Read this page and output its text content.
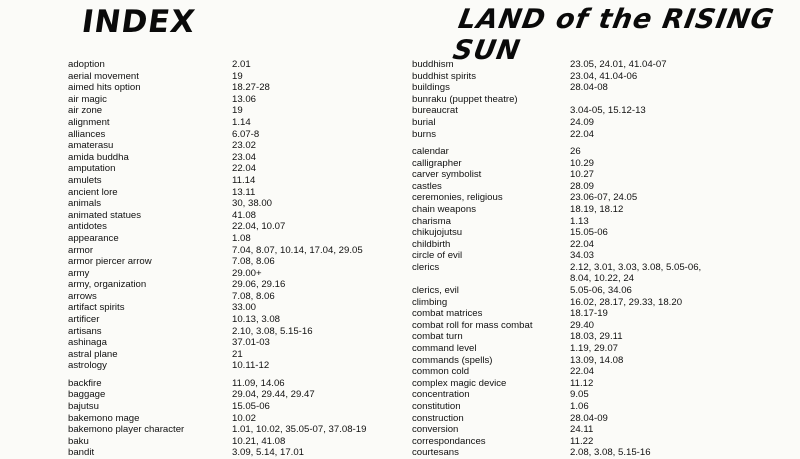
INDEX	LAND of the RISING SUN
adoption	2.01
aerial movement	19
aimed hits option	18.27-28
air magic	13.06
air zone	19
alignment	1.14
alliances	6.07-8
amaterasu	23.02
amida buddha	23.04
amputation	22.04
amulets	11.14
ancient lore	13.11
animals	30, 38.00
animated statues	41.08
antidotes	22.04, 10.07
appearance	1.08
armor	7.04, 8.07, 10.14, 17.04, 29.05
armor piercer arrow	7.08, 8.06
army	29.00+
army, organization	29.06, 29.16
arrows	7.08, 8.06
artifact spirits	33.00
artificer	10.13, 3.08
artisans	2.10, 3.08, 5.15-16
ashinaga	37.01-03
astral plane	21
astrology	10.11-12
backfire	11.09, 14.06
baggage	29.04, 29.44, 29.47
bajutsu	15.05-06
bakemono mage	10.02
bakemono player character	1.01, 10.02, 35.05-07, 37.08-19
baku	10.21, 41.08
bandit	3.09, 5.14, 17.01
buddhism	23.05, 24.01, 41.04-07
buddhist spirits	23.04, 41.04-06
buildings	28.04-08
bunraku (puppet theatre)
bureaucrat	3.04-05, 15.12-13
burial	24.09
burns	22.04
calendar	26
calligrapher	10.29
carver symbolist	10.27
castles	28.09
ceremonies, religious	23.06-07, 24.05
chain weapons	18.19, 18.12
charisma	1.13
chikujojutsu	15.05-06
childbirth	22.04
circle of evil	34.03
clerics	2.12, 3.01, 3.03, 3.08, 5.05-06,
8.04, 10.22, 24
clerics, evil	5.05-06, 34.06
climbing	16.02, 28.17, 29.33, 18.20
combat matrices	18.17-19
combat roll for mass combat	29.40
combat turn	18.03, 29.11
command level	1.19, 29.07
commands (spells)	13.09, 14.08
common cold	22.04
complex magic device	11.12
concentration	9.05
constitution	1.06
construction	28.04-09
conversion	24.11
correspondances	11.22
courtesans	2.08, 3.08, 5.15-16
